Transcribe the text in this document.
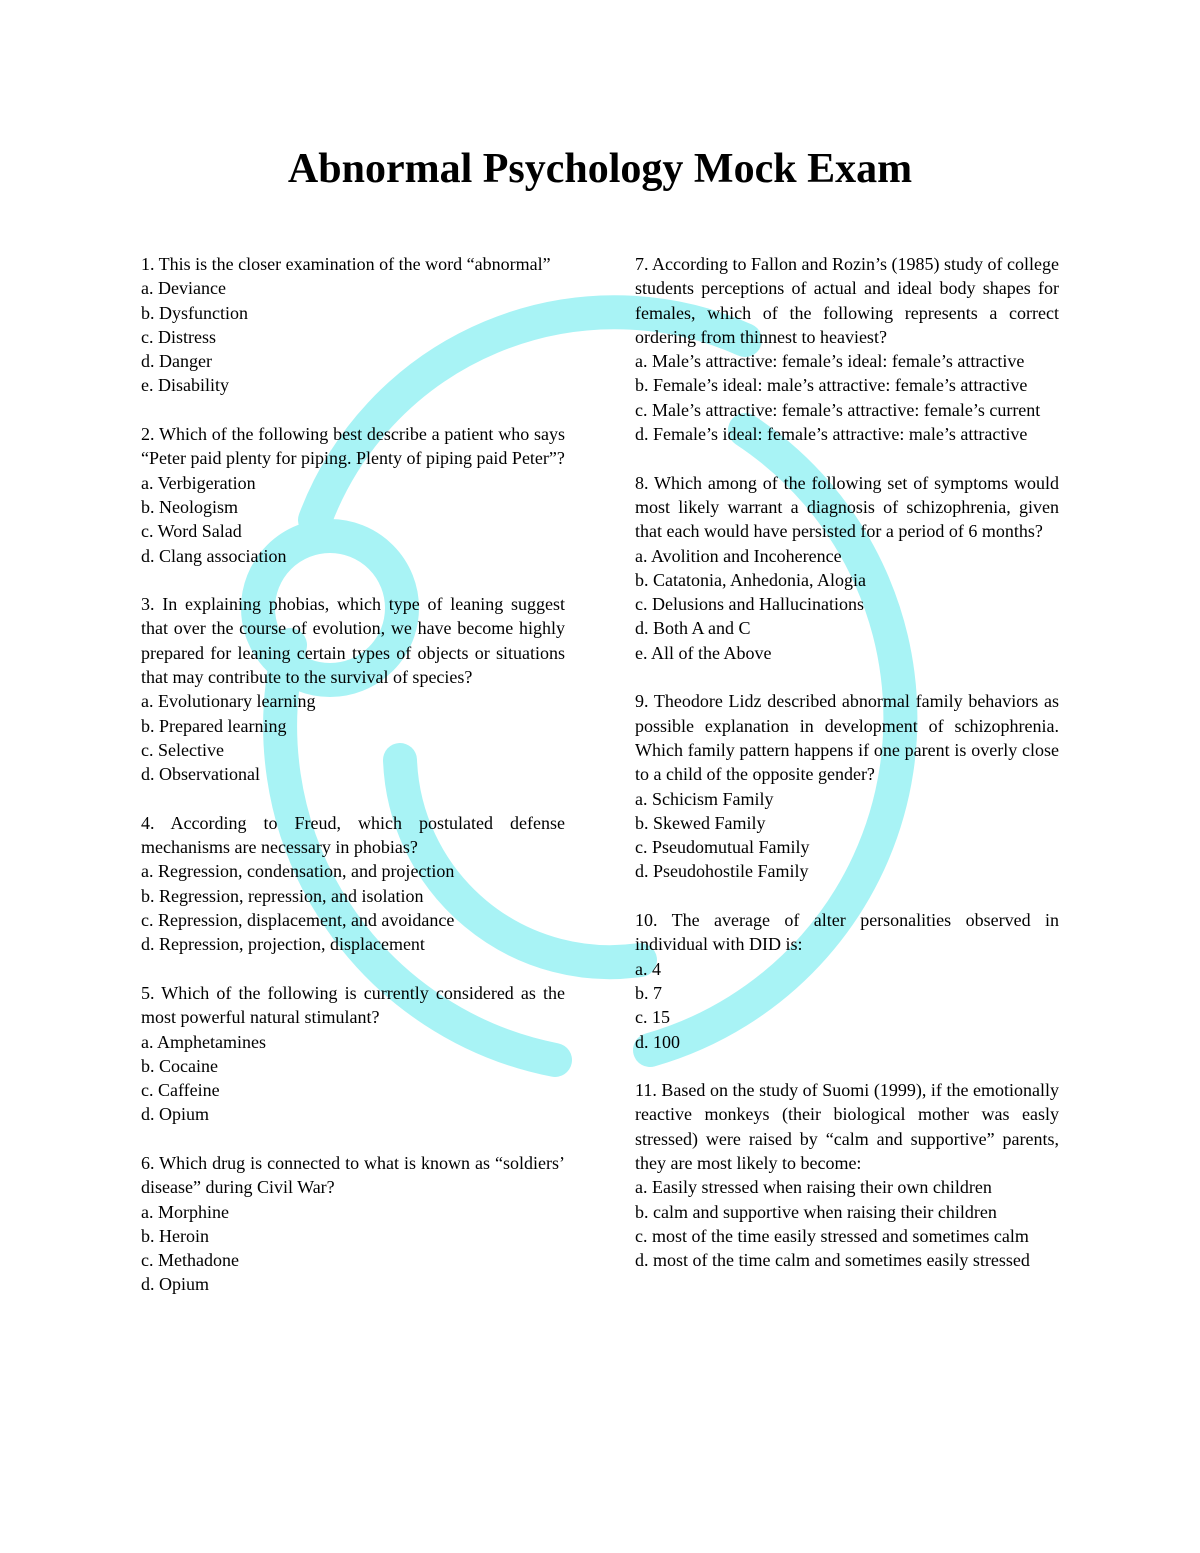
Abnormal Psychology Mock Exam

1. This is the closer examination of the word “abnormal”

a. Deviance

b. Dysfunction

c. Distress

d. Danger

e. Disability

2. Which of the following best describe a patient who says “Peter paid plenty for piping. Plenty of piping paid Peter”?

a. Verbigeration

b. Neologism

c. Word Salad

d. Clang association

3. In explaining phobias, which type of leaning suggest that over the course of evolution, we have become highly prepared for leaning certain types of objects or situations that may contribute to the survival of species?

a. Evolutionary learning

b. Prepared learning

c. Selective

d. Observational

4. According to Freud, which postulated defense mechanisms are necessary in phobias?

a. Regression, condensation, and projection

b. Regression, repression, and isolation

c. Repression, displacement, and avoidance

d. Repression, projection, displacement

5. Which of the following is currently considered as the most powerful natural stimulant?

a. Amphetamines

b. Cocaine

c. Caffeine

d. Opium

6. Which drug is connected to what is known as “soldiers’ disease” during Civil War?

a. Morphine

b. Heroin

c. Methadone

d. Opium

7. According to Fallon and Rozin’s (1985) study of college students perceptions of actual and ideal body shapes for females, which of the following represents a correct ordering from thinnest to heaviest?

a. Male’s attractive: female’s ideal: female’s attractive

b. Female’s ideal: male’s attractive: female’s attractive

c. Male’s attractive: female’s attractive: female’s current

d. Female’s ideal: female’s attractive: male’s attractive

8. Which among of the following set of symptoms would most likely warrant a diagnosis of schizophrenia, given that each would have persisted for a period of 6 months?

a. Avolition and Incoherence

b. Catatonia, Anhedonia, Alogia

c. Delusions and Hallucinations

d. Both A and C

e. All of the Above

9. Theodore Lidz described abnormal family behaviors as possible explanation in development of schizophrenia. Which family pattern happens if one parent is overly close to a child of the opposite gender?

a. Schicism Family

b. Skewed Family

c. Pseudomutual Family

d. Pseudohostile Family

10. The average of alter personalities observed in individual with DID is:

a. 4

b. 7

c. 15

d. 100

11. Based on the study of Suomi (1999), if the emotionally reactive monkeys (their biological mother was easly stressed) were raised by “calm and supportive” parents, they are most likely to become:

a. Easily stressed when raising their own children

b. calm and supportive when raising their children

c. most of the time easily stressed and sometimes calm

d. most of the time calm and sometimes easily stressed
